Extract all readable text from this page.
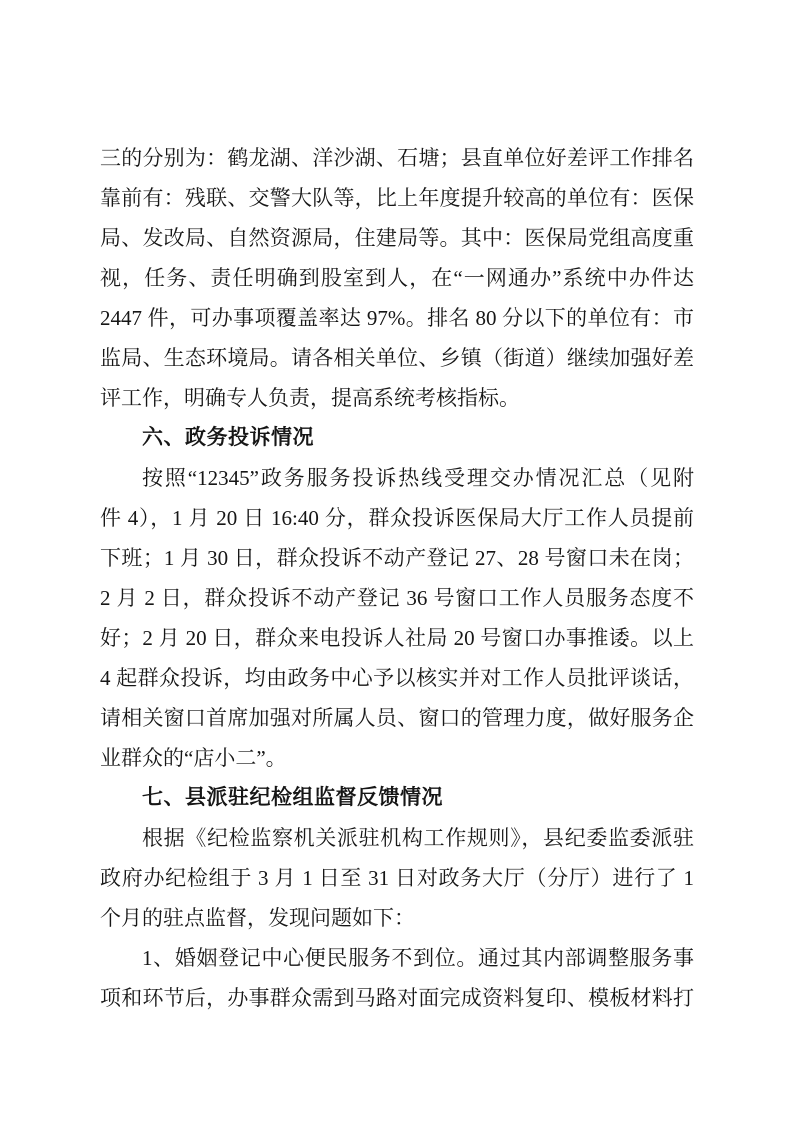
三的分别为：鹤龙湖、洋沙湖、石塘；县直单位好差评工作排名
靠前有：残联、交警大队等，比上年度提升较高的单位有：医保
局、发改局、自然资源局，住建局等。其中：医保局党组高度重
视，任务、责任明确到股室到人，在“一网通办”系统中办件达
2447 件，可办事项覆盖率达 97%。排名 80 分以下的单位有：市
监局、生态环境局。请各相关单位、乡镇（街道）继续加强好差
评工作，明确专人负责，提高系统考核指标。
六、政务投诉情况
按照“12345”政务服务投诉热线受理交办情况汇总（见附
件 4），1 月 20 日 16:40 分，群众投诉医保局大厅工作人员提前
下班；1 月 30 日，群众投诉不动产登记 27、28 号窗口未在岗；
2 月 2 日，群众投诉不动产登记 36 号窗口工作人员服务态度不
好；2 月 20 日，群众来电投诉人社局 20 号窗口办事推诿。以上
4 起群众投诉，均由政务中心予以核实并对工作人员批评谈话，
请相关窗口首席加强对所属人员、窗口的管理力度，做好服务企
业群众的“店小二”。
七、县派驻纪检组监督反馈情况
根据《纪检监察机关派驻机构工作规则》，县纪委监委派驻
政府办纪检组于 3 月 1 日至 31 日对政务大厅（分厅）进行了 1
个月的驻点监督，发现问题如下：
1、婚姻登记中心便民服务不到位。通过其内部调整服务事
项和环节后，办事群众需到马路对面完成资料复印、模板材料打
